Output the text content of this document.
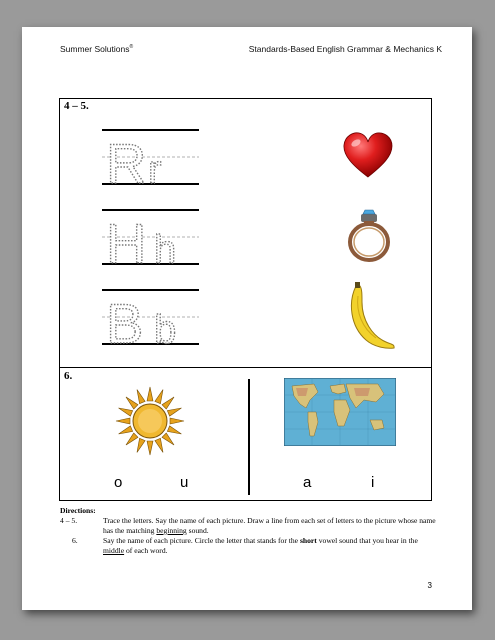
Summer Solutions®	Standards-Based English Grammar & Mechanics K
4 – 5.
R r
H h
B b
6.
o	u	a	i
Directions:
4 – 5.	Trace the letters. Say the name of each picture. Draw a line from each set of letters to the picture whose name has the matching beginning sound.
6.	Say the name of each picture. Circle the letter that stands for the short vowel sound that you hear in the middle of each word.
3
